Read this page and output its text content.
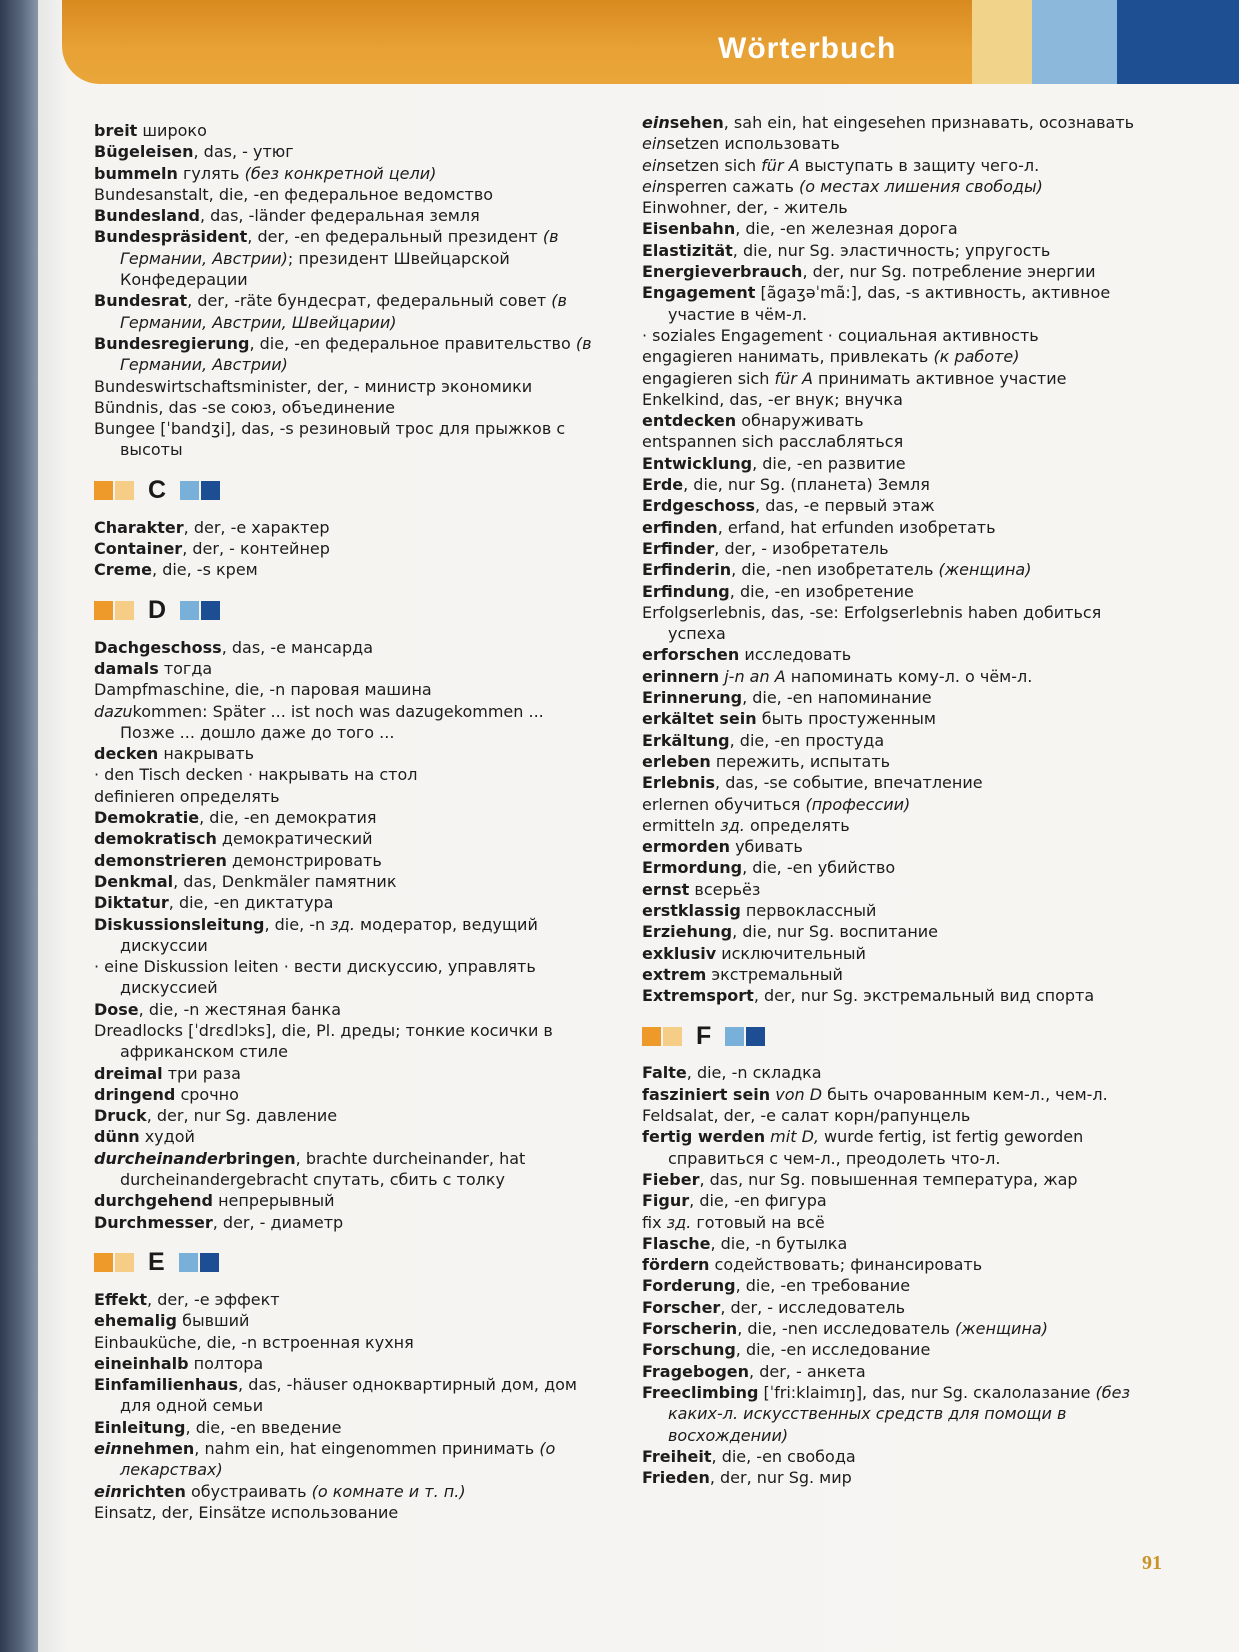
Wörterbuch

breit широко

Bügeleisen, das, - утюг

bummeln гулять (без конкретной цели)

Bundesanstalt, die, -en федеральное ведомство

Bundesland, das, -länder федеральная земля

Bundespräsident, der, -en федеральный президент (в Германии, Австрии); президент Швейцарской Конфедерации

Bundesrat, der, -räte бундесрат, федеральный совет (в Германии, Австрии, Швейцарии)

Bundesregierung, die, -en федеральное правительство (в Германии, Австрии)

Bundeswirtschaftsminister, der, - министр экономики

Bündnis, das -se союз, объединение

Bungee [ˈbandʒi], das, -s резиновый трос для прыжков с высоты

C

Charakter, der, -e характер

Container, der, - контейнер

Creme, die, -s крем

D

Dachgeschoss, das, -e мансарда

damals тогда

Dampfmaschine, die, -n паровая машина

dazukommen: Später ... ist noch was dazugekommen ... Позже ... дошло даже до того ...

decken накрывать

· den Tisch decken · накрывать на стол

definieren определять

Demokratie, die, -en демократия

demokratisch демократический

demonstrieren демонстрировать

Denkmal, das, Denkmäler памятник

Diktatur, die, -en диктатура

Diskussionsleitung, die, -n зд. модератор, ведущий дискуссии

· eine Diskussion leiten · вести дискуссию, управлять дискуссией

Dose, die, -n жестяная банка

Dreadlocks [ˈdrɛdlɔks], die, Pl. дреды; тонкие косички в африканском стиле

dreimal три раза

dringend срочно

Druck, der, nur Sg. давление

dünn худой

durcheinanderbringen, brachte durcheinander, hat durcheinandergebracht спутать, сбить с толку

durchgehend непрерывный

Durchmesser, der, - диаметр

E

Effekt, der, -e эффект

ehemalig бывший

Einbauküche, die, -n встроенная кухня

eineinhalb полтора

Einfamilienhaus, das, -häuser одноквартирный дом, дом для одной семьи

Einleitung, die, -en введение

einnehmen, nahm ein, hat eingenommen принимать (о лекарствах)

einrichten обустраивать (о комнате и т. п.)

Einsatz, der, Einsätze использование

einsehen, sah ein, hat eingesehen признавать, осознавать

einsetzen использовать

einsetzen sich für A выступать в защиту чего-л.

einsperren сажать (о местах лишения свободы)

Einwohner, der, - житель

Eisenbahn, die, -en железная дорога

Elastizität, die, nur Sg. эластичность; упругость

Energieverbrauch, der, nur Sg. потребление энергии

Engagement [ãgaʒəˈmã:], das, -s активность, активное участие в чём-л.

· soziales Engagement · социальная активность

engagieren нанимать, привлекать (к работе)

engagieren sich für A принимать активное участие

Enkelkind, das, -er внук; внучка

entdecken обнаруживать

entspannen sich расслабляться

Entwicklung, die, -en развитие

Erde, die, nur Sg. (планета) Земля

Erdgeschoss, das, -e первый этаж

erfinden, erfand, hat erfunden изобретать

Erfinder, der, - изобретатель

Erfinderin, die, -nen изобретатель (женщина)

Erfindung, die, -en изобретение

Erfolgserlebnis, das, -se: Erfolgserlebnis haben добиться успеха

erforschen исследовать

erinnern j-n an A напоминать кому-л. о чём-л.

Erinnerung, die, -en напоминание

erkältet sein быть простуженным

Erkältung, die, -en простуда

erleben пережить, испытать

Erlebnis, das, -se событие, впечатление

erlernen обучиться (профессии)

ermitteln зд. определять

ermorden убивать

Ermordung, die, -en убийство

ernst всерьёз

erstklassig первоклассный

Erziehung, die, nur Sg. воспитание

exklusiv исключительный

extrem экстремальный

Extremsport, der, nur Sg. экстремальный вид спорта

F

Falte, die, -n складка

fasziniert sein von D быть очарованным кем-л., чем-л.

Feldsalat, der, -e салат корн/рапунцель

fertig werden mit D, wurde fertig, ist fertig geworden справиться с чем-л., преодолеть что-л.

Fieber, das, nur Sg. повышенная температура, жар

Figur, die, -en фигура

fix зд. готовый на всё

Flasche, die, -n бутылка

fördern содействовать; финансировать

Forderung, die, -en требование

Forscher, der, - исследователь

Forscherin, die, -nen исследователь (женщина)

Forschung, die, -en исследование

Fragebogen, der, - анкета

Freeclimbing [ˈfri:klaimɪŋ], das, nur Sg. скалолазание (без каких-л. искусственных средств для помощи в восхождении)

Freiheit, die, -en свобода

Frieden, der, nur Sg. мир

91
